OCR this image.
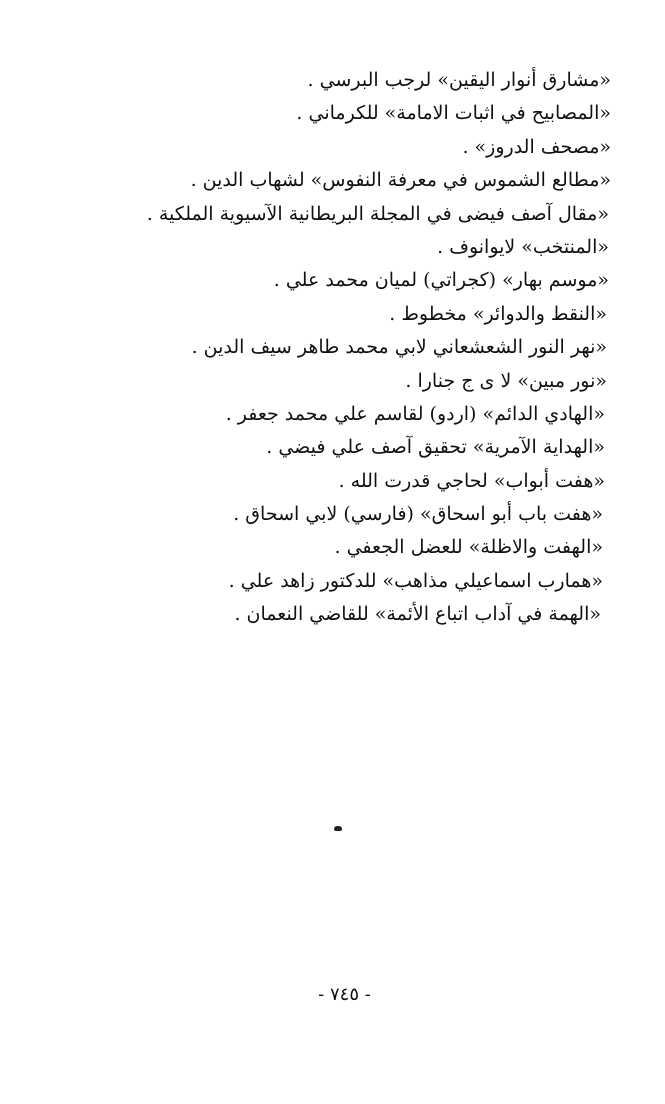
«مشارق أنوار اليقين» لرجب البرسي .
«المصابيح في اثبات الامامة» للكرماني .
«مصحف الدروز» .
«مطالع الشموس في معرفة النفوس» لشهاب الدين .
«مقال آصف فيضى في المجلة البريطانية الآسيوية الملكية .
«المنتخب» لايوانوف .
«موسم بهار» (كجراتي) لميان محمد علي .
«النقط والدوائر» مخطوط .
«نهر النور الشعشعاني لابي محمد طاهر سيف الدين .
«نور مبين» لا ى ج جنارا .
«الهادي الدائم» (اردو) لقاسم علي محمد جعفر .
«الهداية الآمرية» تحقيق آصف علي فيضي .
«هفت أبواب» لحاجي قدرت الله .
«هفت باب أبو اسحاق» (فارسي) لابي اسحاق .
«الهفت والاظلة» للعضل الجعفي .
«همارب اسماعيلي مذاهب» للدكتور زاهد علي .
«الهمة في آداب اتباع الأئمة» للقاضي النعمان .
- ٧٤٥ -
